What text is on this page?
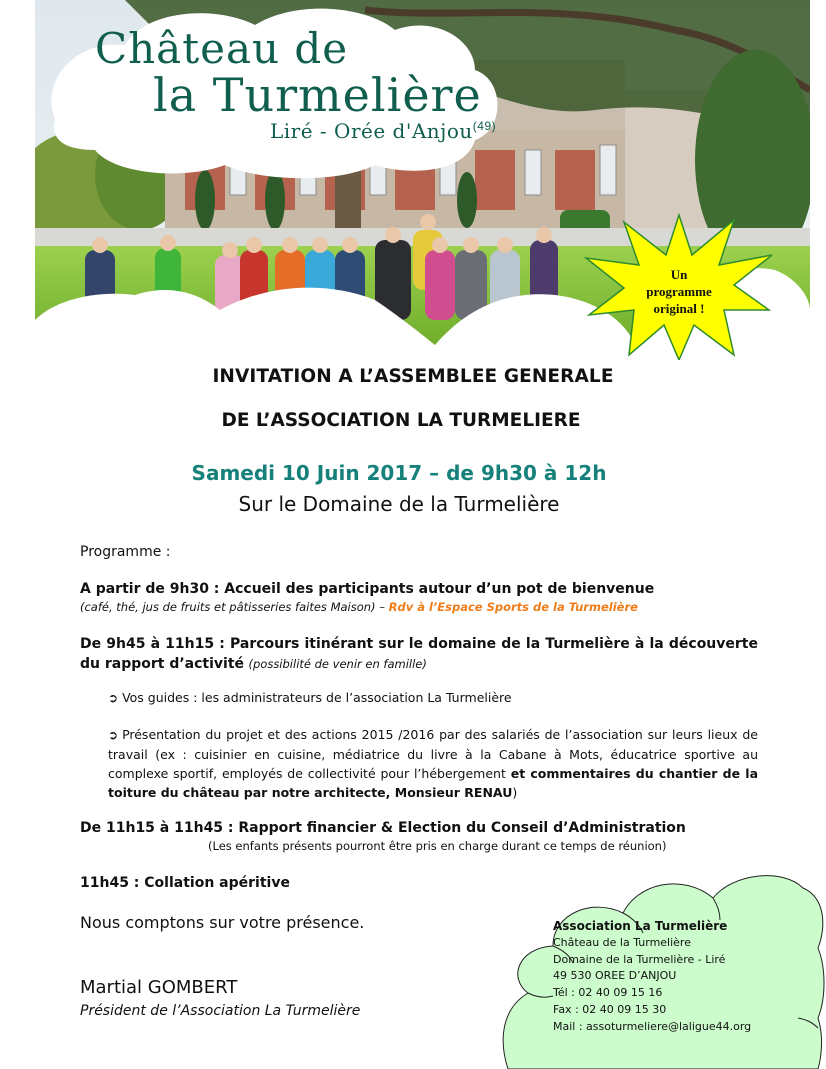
Château de
la Turmelière
Liré - Orée d'Anjou$^{(49)}$
Un
programme
original !
INVITATION A L’ASSEMBLEE GENERALE
DE L’ASSOCIATION LA TURMELIERE
Samedi 10 Juin 2017 – de 9h30 à 12h
Sur le Domaine de la Turmelière
Programme :
A partir de 9h30 : Accueil des participants autour d’un pot de bienvenue
(café, thé, jus de fruits et pâtisseries faites Maison) – Rdv à l’Espace Sports de la Turmelière
De 9h45 à 11h15 : Parcours itinérant sur le domaine de la Turmelière à la découverte du rapport d’activité (possibilité de venir en famille)
➲ Vos guides : les administrateurs de l’association La Turmelière
➲ Présentation du projet et des actions 2015 /2016 par des salariés de l’association sur leurs lieux de travail (ex : cuisinier en cuisine, médiatrice du livre à la Cabane à Mots, éducatrice sportive au complexe sportif, employés de collectivité pour l’hébergement et commentaires du chantier de la toiture du château par notre architecte, Monsieur RENAU)
De 11h15 à 11h45 : Rapport financier & Election du Conseil d’Administration
(Les enfants présents pourront être pris en charge durant ce temps de réunion)
11h45 : Collation apéritive
Nous comptons sur votre présence.
Martial GOMBERT
Président de l’Association La Turmelière
Association La Turmelière
Château de la Turmelière
Domaine de la Turmelière - Liré
49 530 OREE D’ANJOU
Tél : 02 40 09 15 16
Fax : 02 40 09 15 30
Mail : assoturmeliere@laligue44.org
